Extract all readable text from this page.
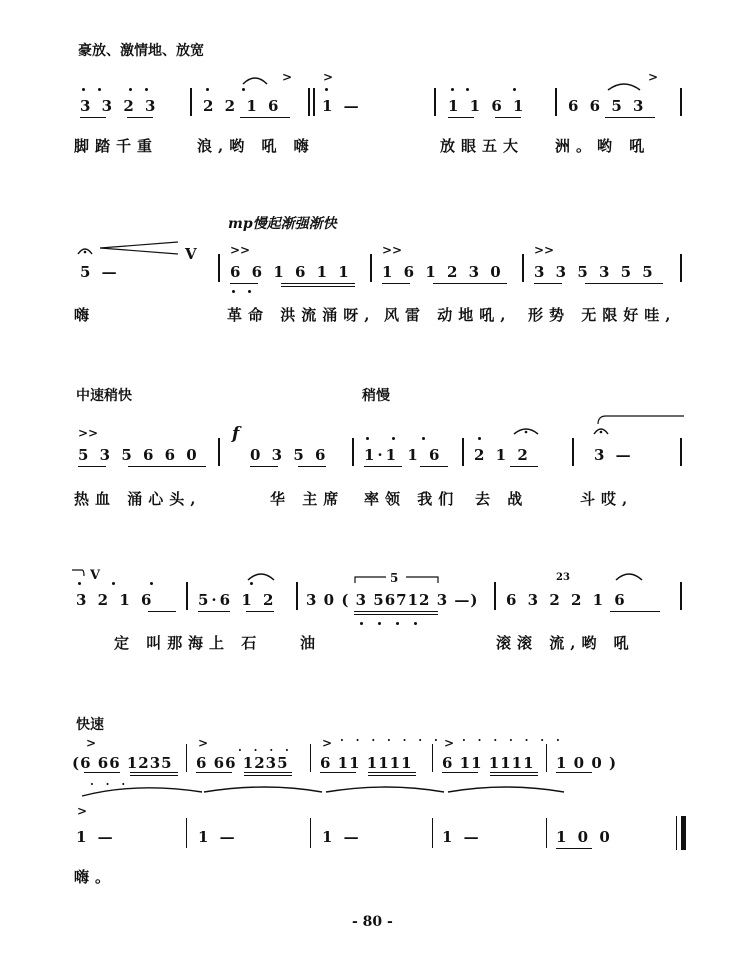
豪放、激情地、放宽
3 3 2 3	2 2 1 6	1 —	1 1 6 1	6 6 5 3
>	>	>
脚踏千重	浪,哟 吼 嗨	放眼五大 洲。哟 吼
mp慢起渐强渐快
5 —
V
6 6 1 6 1 1 1 6 1 2 3 0 3 3 5 3 5 5
>>	>>	>>
嗨	革命 洪流涌呀, 风雷 动地吼, 形势 无限好哇,
中速稍快	稍慢
5 3 5 6 6 0
f
0 3 5 6 1·1 1 6 2 1 2	3 —
>>
热血 涌心头,	华 主席 率领 我们 去 战	斗哎,
V
3 2 1 6	5·6 1 2 3 0 ( 3 56712 3 —)
5
6 3 2 2 1 6
23
定 叫那 海上 石	油	滚滚 流,哟 吼
快速
(6 66 1235 6 66 1235 6 11 1111 6 11 1111 1 0 0 )
>	>	>	>
· · · · · · · · · · · · · ·
· · · ·
· · ·
1 —
>
1 —	1 —	1 —	1 0 0
嗨。
- 80 -
